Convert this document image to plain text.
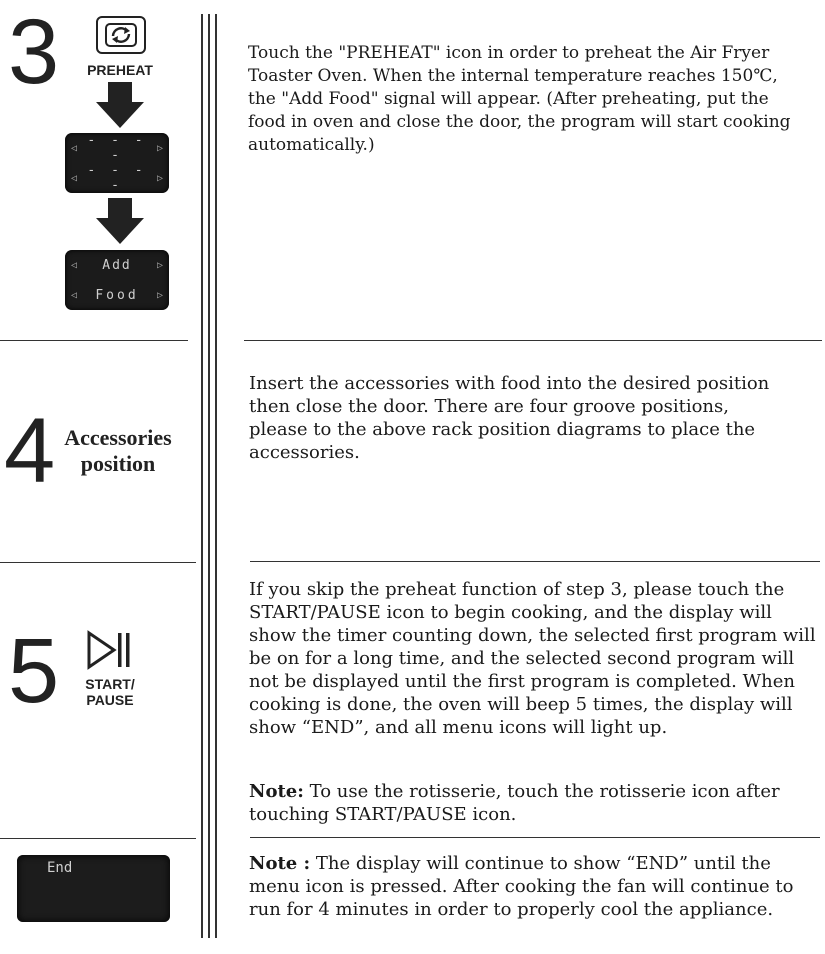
3	PREHEAT
◁ - - - -	▷
◁ - - - -	▷
◁	Add	▷
◁	Food	▷
Touch the "PREHEAT" icon in order to preheat the Air Fryer Toaster Oven. When the internal temperature reaches 150℃, the "Add Food" signal will appear. (After preheating, put the food in oven and close the door, the program will start cooking automatically.)
4 Accessories
position
Insert the accessories with food into the desired position then close the door. There are four groove positions, please to the above rack position diagrams to place the accessories.
5	START/
PAUSE
If you skip the preheat function of step 3, please touch the START/PAUSE icon to begin cooking, and the display will show the timer counting down, the selected first program will be on for a long time, and the selected second program will not be displayed until the first program is completed. When cooking is done, the oven will beep 5 times, the display will show “END”, and all menu icons will light up.
Note: To use the rotisserie, touch the rotisserie icon after touching START/PAUSE icon.
End	Note : The display will continue to show “END” until the menu icon is pressed. After cooking the fan will continue to run for 4 minutes in order to properly cool the appliance.
